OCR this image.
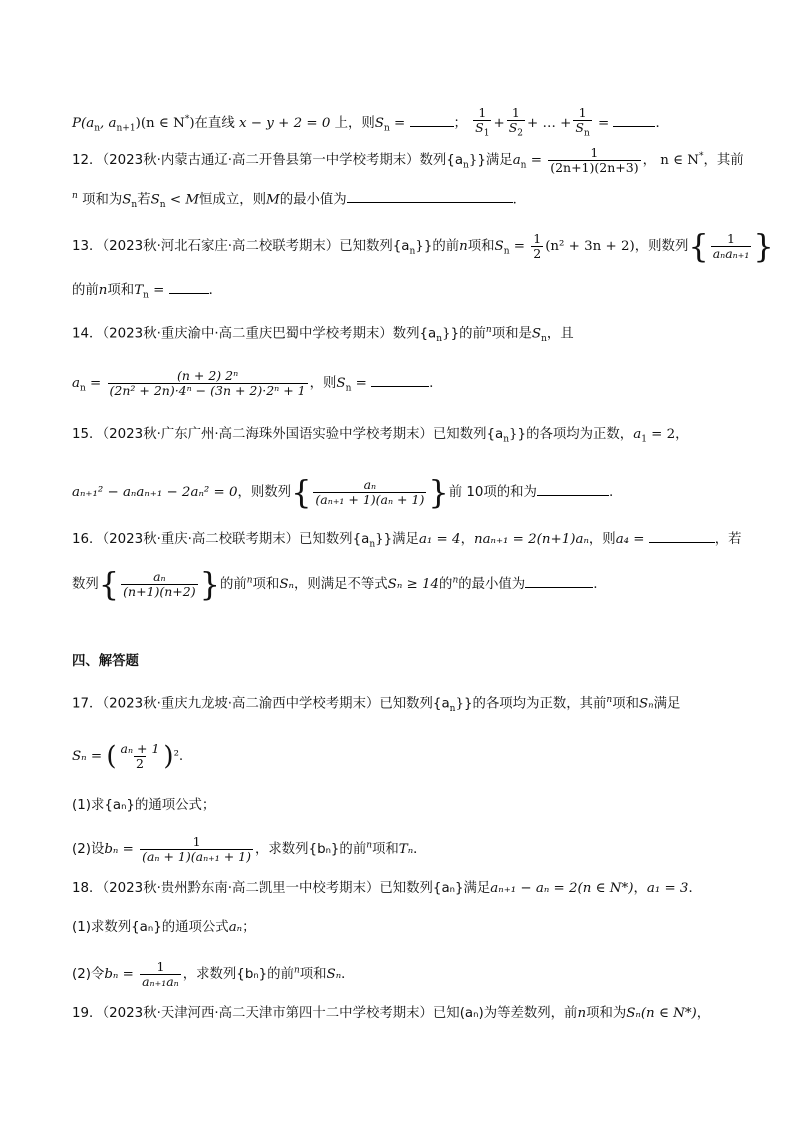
$P(a_n$, $a_{n+1})(n$ ∈ N*)在直线 x − y + 2 = 0 上，则$S_n$ =	； $\frac{1}{S_1} + \frac{1}{S_2}$ + … + $\frac{1}{S_n}$ =	．
12．（2023秋·内蒙古通辽·高二开鲁县第一中学校考期末）数列$\{a_n\}$}满足$a_n = \frac{1}{(2n+1)(2n+3)}$ ， n ∈ N*，其前
$^n$ 项和为$S_n$若$S_n < M$恒成立，则M的最小值为	．
13．（2023秋·河北石家庄·高二校联考期末）已知数列$\{a_n\}$}的前n项和$S_n = \frac{1}{2} (n^2 + 3n + 2)$，则数列{ $\frac{1}{\text{aₙaₙ₊₁}}$ }
的前n项和$T_n$ =	．
14．（2023秋·重庆渝中·高二重庆巴蜀中学校考期末）数列$\{a_n\}$}的前$^n$项和是$S_n$，且
$a_n = \frac{\text{(n + 2) 2ⁿ}}{\text{(2n² + 2n)·4ⁿ − (3n + 2)·2ⁿ + 1}}$ ，则$S_n$ =	.
15．（2023秋·广东广州·高二海珠外国语实验中学校考期末）已知数列$\{a_n\}$}的各项均为正数，$a_1 = 2$，
aₙ₊₁² − aₙaₙ₊₁ − 2aₙ² = 0，则数列{ $\frac{\text{aₙ}}{\text{(aₙ₊₁ + 1)(aₙ + 1)}}$ }前 10项的和为	.
16．（2023秋·重庆·高二校联考期末）已知数列$\{a_n\}$}满足a₁ = 4，naₙ₊₁ = 2(n+1)aₙ，则a₄ =	，若
数列{ $\frac{\text{aₙ}}{(n+1)(n+2)}$ }的前$^n$项和Sₙ，则满足不等式Sₙ ≥ 14的$^n$的最小值为	.
四、解答题
17．（2023秋·重庆九龙坡·高二渝西中学校考期末）已知数列$\{a_n\}$}的各项均为正数，其前$^n$项和Sₙ满足
Sₙ = ( $\frac{\text{aₙ + 1}}{2} )^2$.
(1)求{aₙ}的通项公式；
(2)设$b_n = \frac{1}{\text{(aₙ + 1)(aₙ₊₁ + 1)}}$ ，求数列{bₙ}的前$^n$项和Tₙ．
18．（2023秋·贵州黔东南·高二凯里一中校考期末）已知数列{aₙ}满足aₙ₊₁ − aₙ = 2(n ∈ N*)，a₁ = 3．
(1)求数列{aₙ}的通项公式aₙ；
(2)令$b_n = \frac{1}{\text{aₙ₊₁aₙ}}$ ，求数列{bₙ}的前$^n$项和Sₙ．
19．（2023秋·天津河西·高二天津市第四十二中学校考期末）已知(aₙ)为等差数列，前n项和为Sₙ(n ∈ N*)，
